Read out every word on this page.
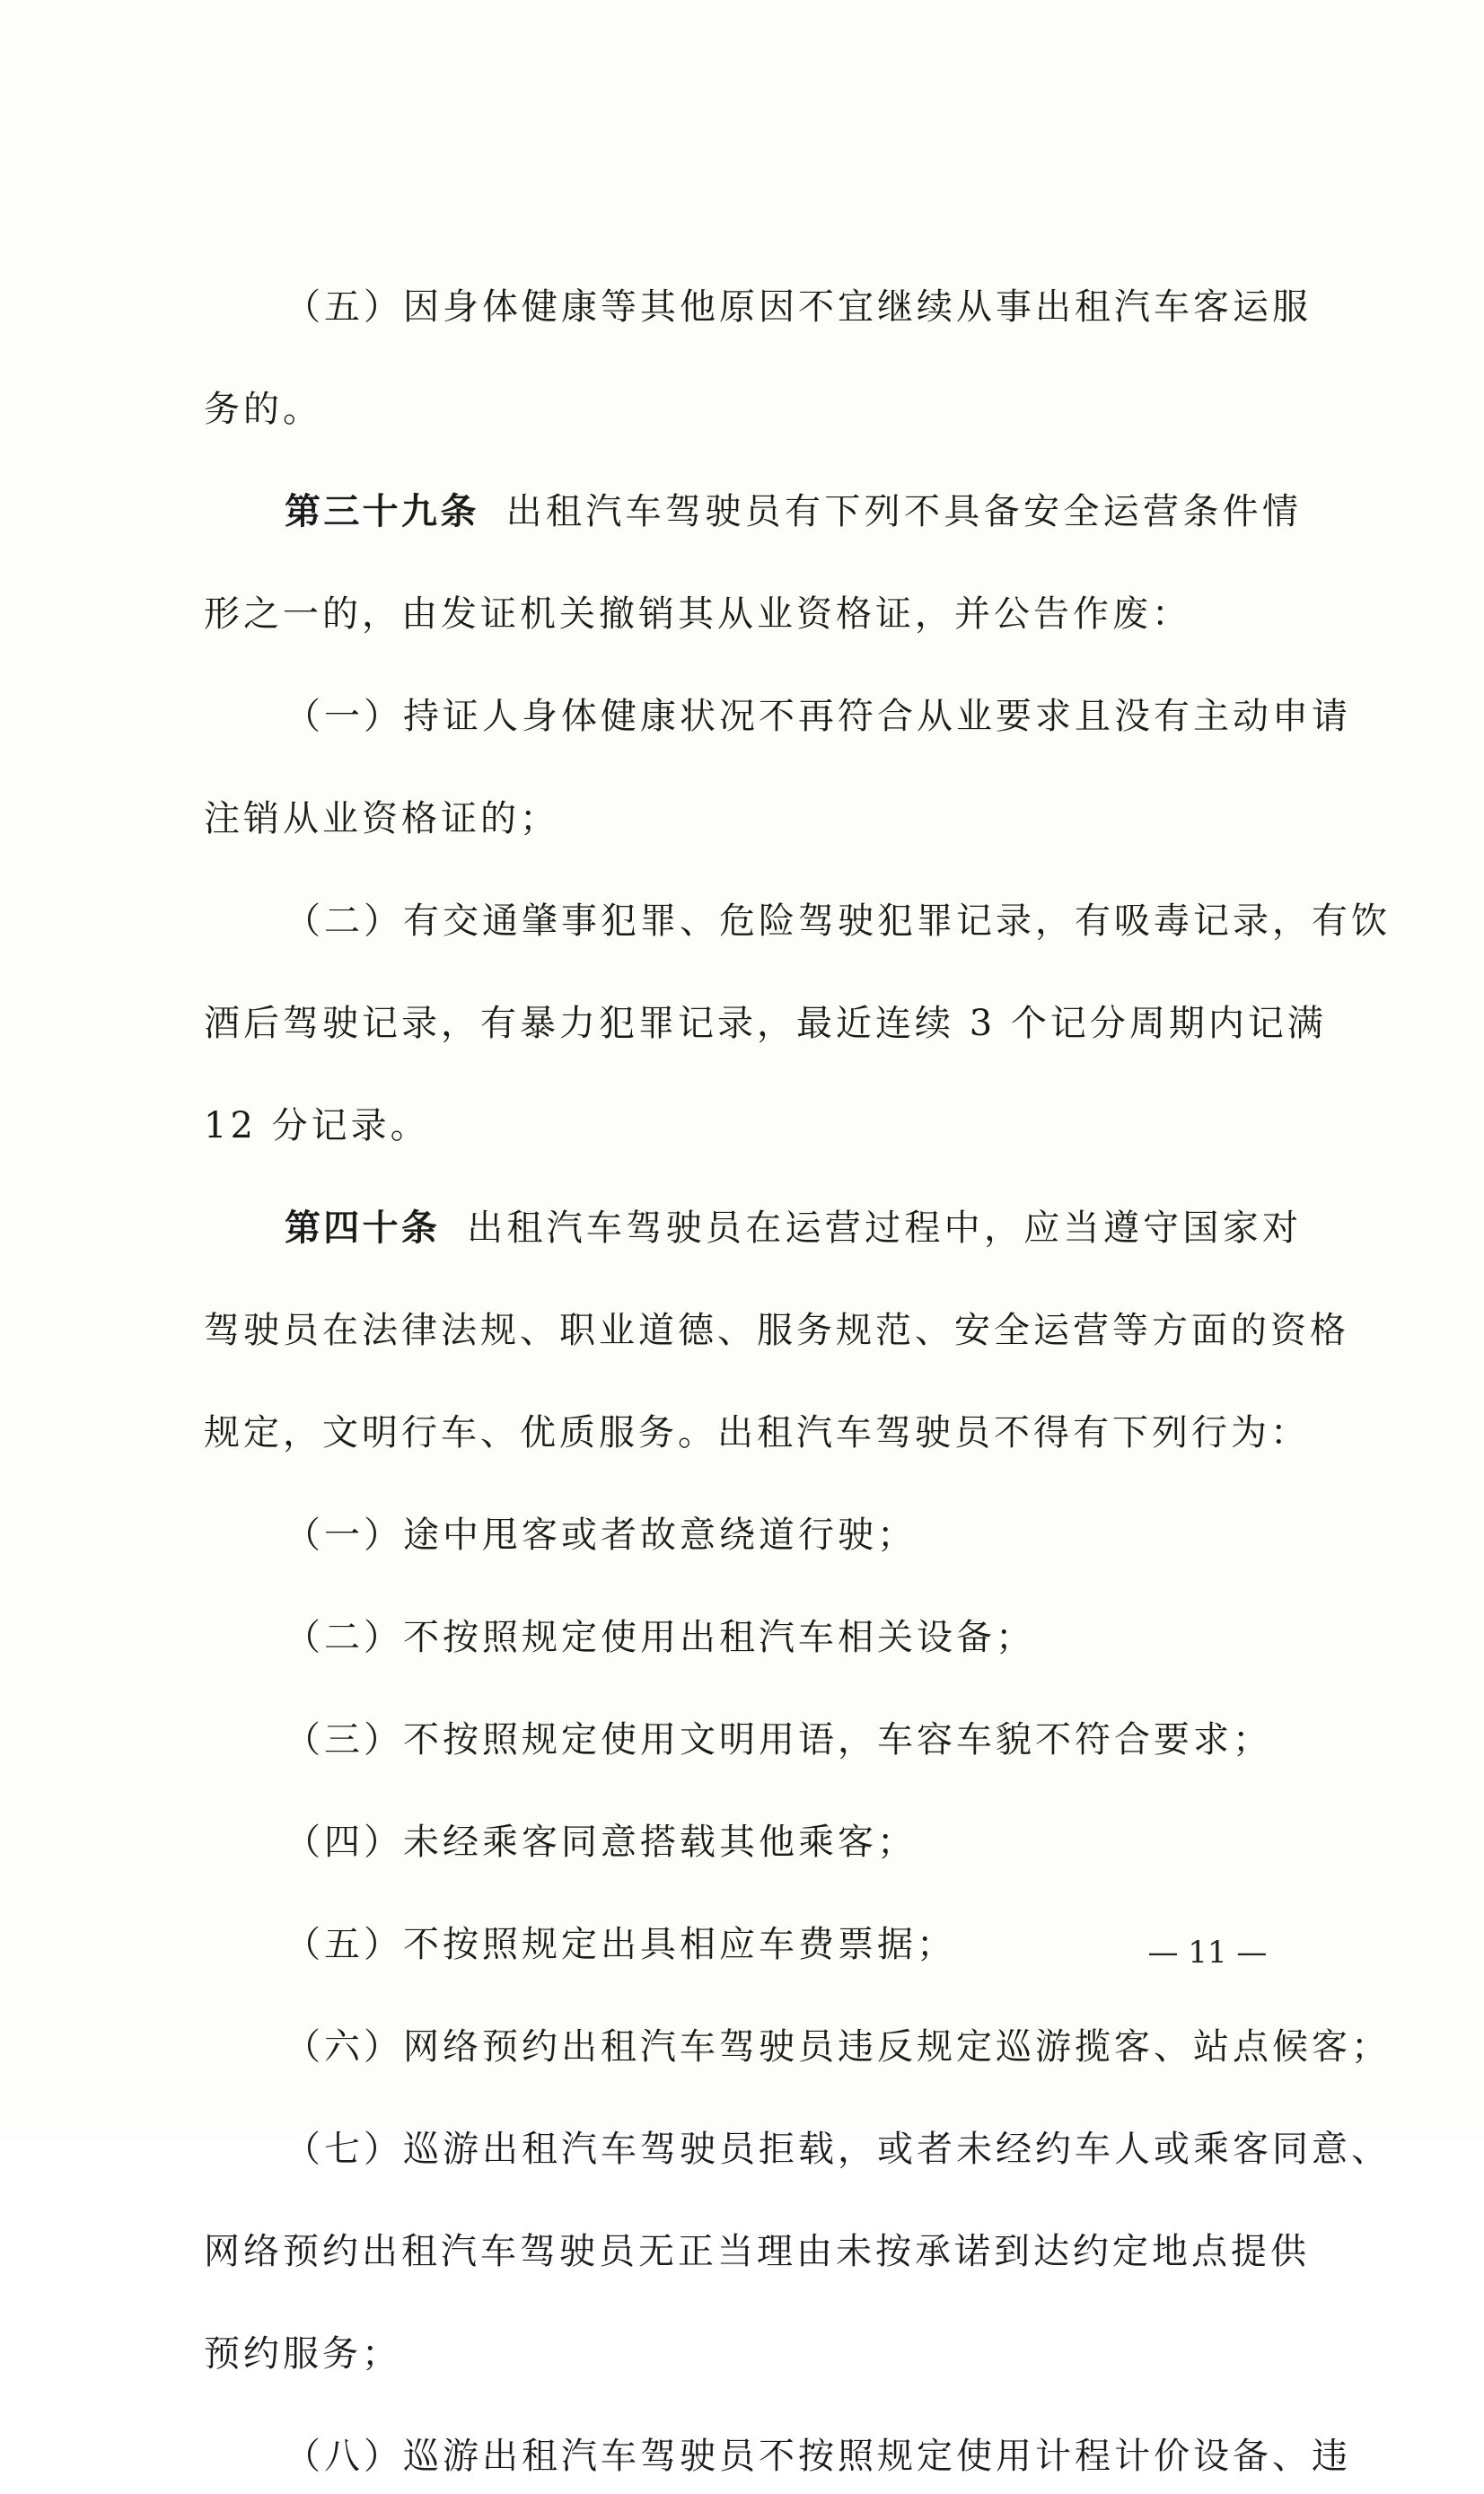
（五）因身体健康等其他原因不宜继续从事出租汽车客运服
务的。
第三十九条 出租汽车驾驶员有下列不具备安全运营条件情
形之一的，由发证机关撤销其从业资格证，并公告作废：
（一）持证人身体健康状况不再符合从业要求且没有主动申请
注销从业资格证的；
（二）有交通肇事犯罪、危险驾驶犯罪记录，有吸毒记录，有饮
酒后驾驶记录，有暴力犯罪记录，最近连续 3 个记分周期内记满
12 分记录。
第四十条 出租汽车驾驶员在运营过程中，应当遵守国家对
驾驶员在法律法规、职业道德、服务规范、安全运营等方面的资格
规定，文明行车、优质服务。出租汽车驾驶员不得有下列行为：
（一）途中甩客或者故意绕道行驶；
（二）不按照规定使用出租汽车相关设备；
（三）不按照规定使用文明用语，车容车貌不符合要求；
（四）未经乘客同意搭载其他乘客；
（五）不按照规定出具相应车费票据；
（六）网络预约出租汽车驾驶员违反规定巡游揽客、站点候客；
（七）巡游出租汽车驾驶员拒载，或者未经约车人或乘客同意、
网络预约出租汽车驾驶员无正当理由未按承诺到达约定地点提供
预约服务；
（八）巡游出租汽车驾驶员不按照规定使用计程计价设备、违
— 11 —
